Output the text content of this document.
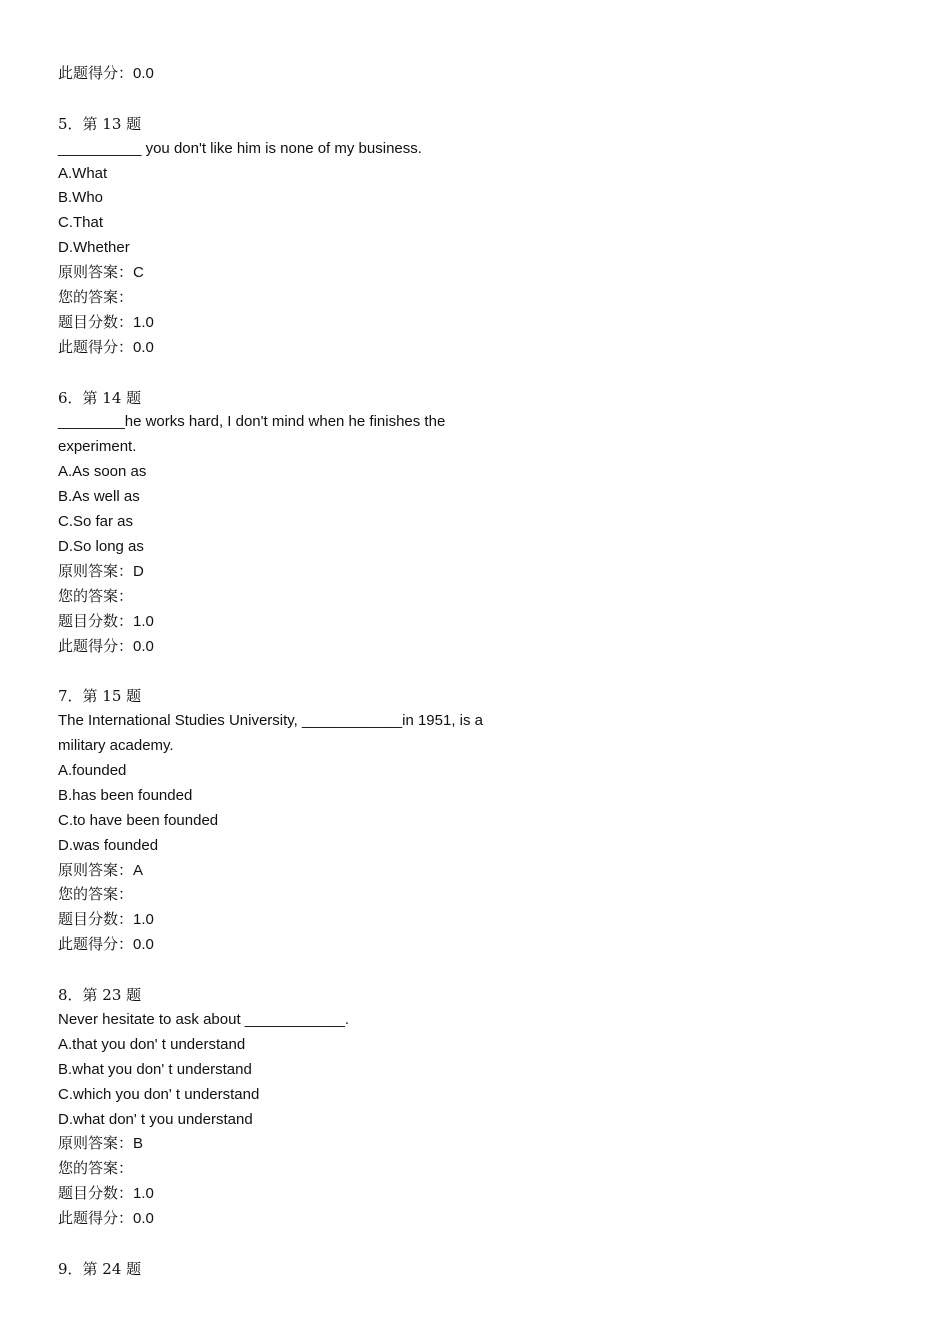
此题得分：0.0
5．第 13 题
__________ you don't like him is none of my business.
A.What
B.Who
C.That
D.Whether
原则答案：C
您的答案：
题目分数：1.0
此题得分：0.0
6．第 14 题
________he works hard, I don't mind when he finishes the experiment.
A.As soon as
B.As well as
C.So far as
D.So long as
原则答案：D
您的答案：
题目分数：1.0
此题得分：0.0
7．第 15 题
The International Studies University, ____________in 1951, is a military academy.
A.founded
B.has been founded
C.to have been founded
D.was founded
原则答案：A
您的答案：
题目分数：1.0
此题得分：0.0
8．第 23 题
Never hesitate to ask about ____________.
A.that you don' t understand
B.what you don' t understand
C.which you don' t understand
D.what don' t you understand
原则答案：B
您的答案：
题目分数：1.0
此题得分：0.0
9．第 24 题
